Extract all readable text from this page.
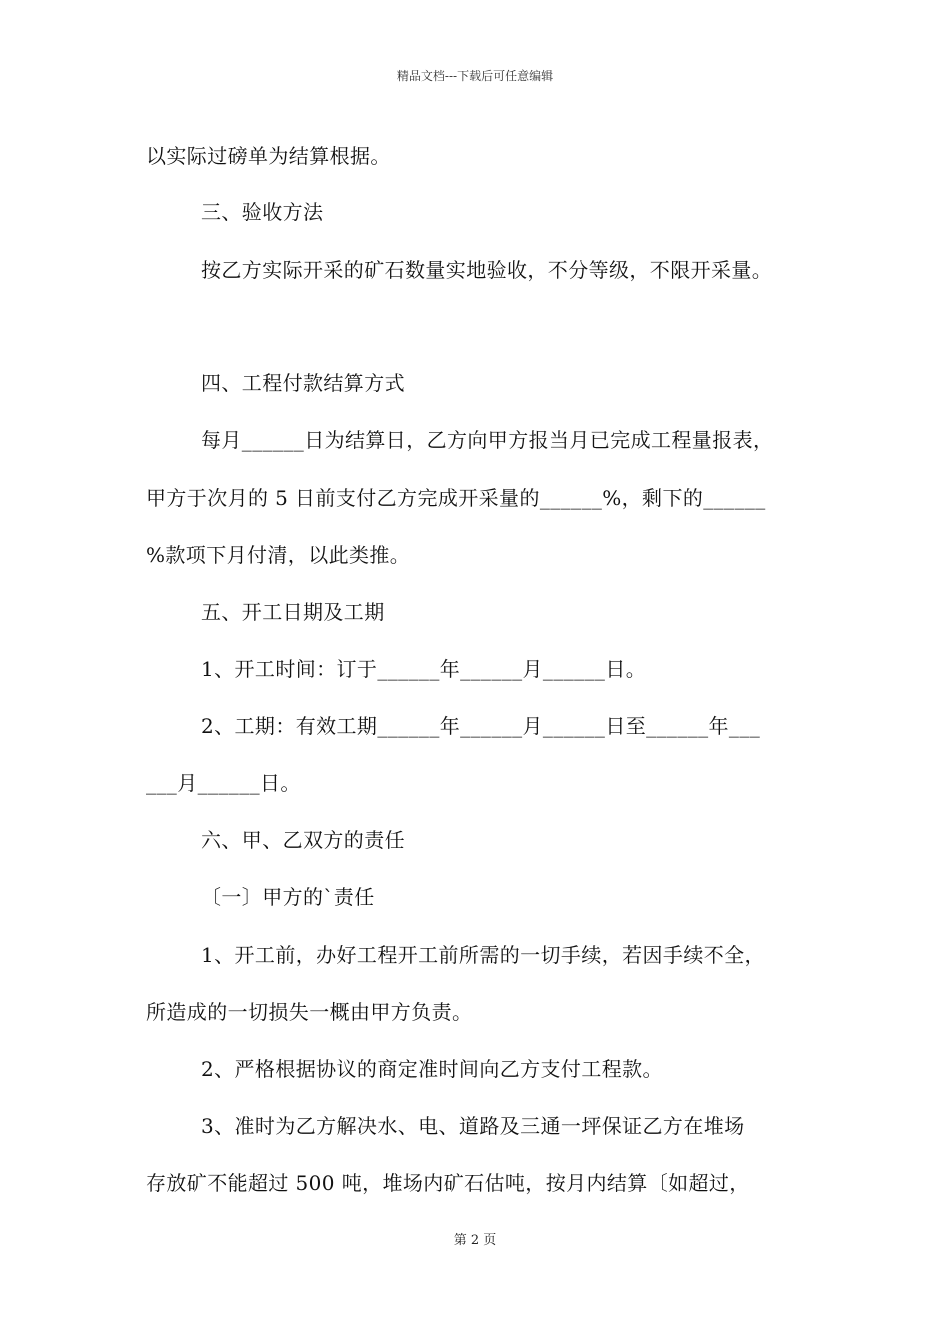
精品文档---下载后可任意编辑
以实际过磅单为结算根据。
三、验收方法
按乙方实际开采的矿石数量实地验收，不分等级，不限开采量。
四、工程付款结算方式
每月______日为结算日，乙方向甲方报当月已完成工程量报表，
甲方于次月的 5 日前支付乙方完成开采量的______%，剩下的______
%款项下月付清，以此类推。
五、开工日期及工期
1、开工时间：订于______年______月______日。
2、工期：有效工期______年______月______日至______年___
___月______日。
六、甲、乙双方的责任
〔一〕甲方的`责任
1、开工前，办好工程开工前所需的一切手续，若因手续不全，
所造成的一切损失一概由甲方负责。
2、严格根据协议的商定准时间向乙方支付工程款。
3、准时为乙方解决水、电、道路及三通一坪保证乙方在堆场
存放矿不能超过 500 吨，堆场内矿石估吨，按月内结算〔如超过，
第 2 页
